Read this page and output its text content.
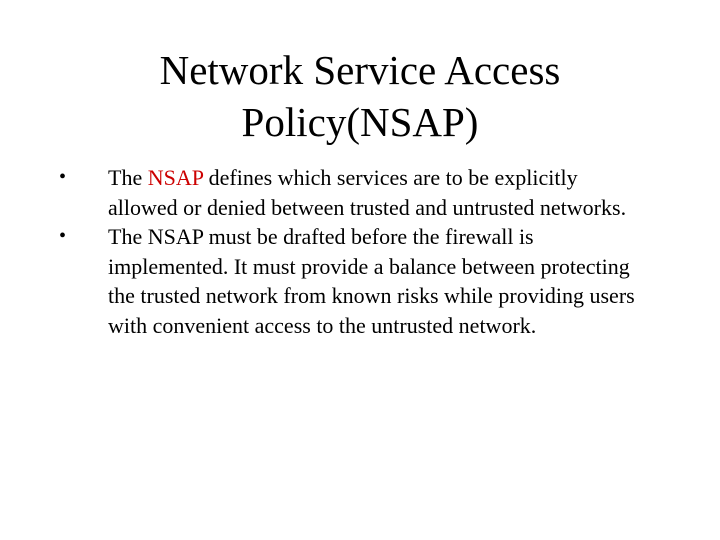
Network Service Access
Policy(NSAP)
• The NSAP defines which services are to be explicitly allowed or denied between trusted and untrusted networks.
• The NSAP must be drafted before the firewall is implemented. It must provide a balance between protecting the trusted network from known risks while providing users with convenient access to the untrusted network.
